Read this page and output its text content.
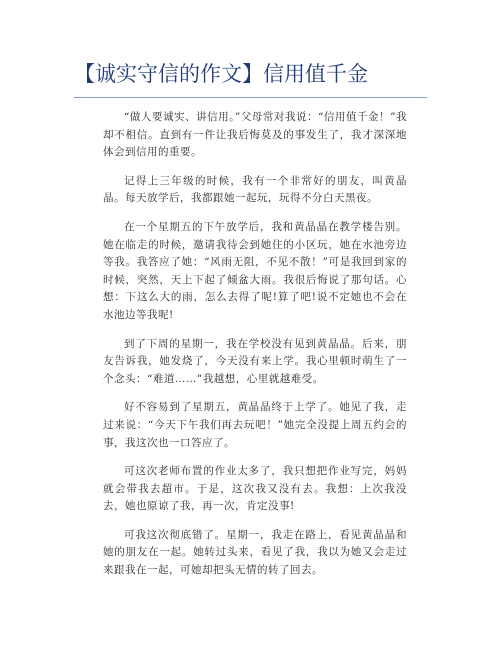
【诚实守信的作文】信用值千金

“做人要诚实、讲信用。”父母常对我说：“信用值千金！”我却不相信。直到有一件让我后悔莫及的事发生了，我才深深地体会到信用的重要。

记得上三年级的时候，我有一个非常好的朋友，叫黄晶晶。每天放学后，我都跟她一起玩，玩得不分白天黑夜。

在一个星期五的下午放学后，我和黄晶晶在教学楼告别。她在临走的时候，邀请我待会到她住的小区玩，她在水池旁边等我。我答应了她：“风雨无阻，不见不散！”可是我回到家的时候，突然，天上下起了倾盆大雨。我很后悔说了那句话。心想：下这么大的雨，怎么去得了呢!算了吧!说不定她也不会在水池边等我呢!

到了下周的星期一，我在学校没有见到黄晶晶。后来，朋友告诉我，她发烧了，今天没有来上学。我心里顿时萌生了一个念头：“难道……”我越想，心里就越难受。

好不容易到了星期五，黄晶晶终于上学了。她见了我，走过来说：“今天下午我们再去玩吧！”她完全没提上周五约会的事，我这次也一口答应了。

可这次老师布置的作业太多了，我只想把作业写完，妈妈就会带我去超市。于是，这次我又没有去。我想：上次我没去，她也原谅了我，再一次，肯定没事!

可我这次彻底错了。星期一，我走在路上，看见黄晶晶和她的朋友在一起。她转过头来，看见了我，我以为她又会走过来跟我在一起，可她却把头无情的转了回去。
